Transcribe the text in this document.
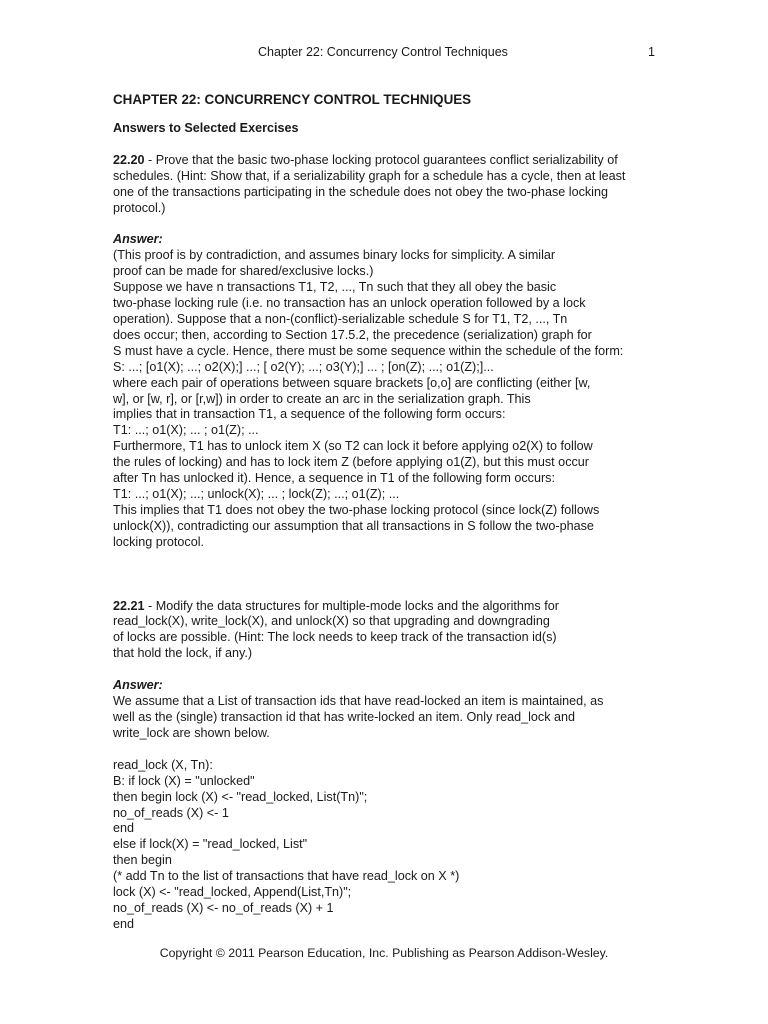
Chapter 22: Concurrency Control Techniques	1
CHAPTER 22: CONCURRENCY CONTROL TECHNIQUES
Answers to Selected Exercises
22.20 - Prove that the basic two-phase locking protocol guarantees conflict serializability of
schedules. (Hint: Show that, if a serializability graph for a schedule has a cycle, then at least
one of the transactions participating in the schedule does not obey the two-phase locking
protocol.)
Answer:
(This proof is by contradiction, and assumes binary locks for simplicity. A similar
proof can be made for shared/exclusive locks.)
Suppose we have n transactions T1, T2, ..., Tn such that they all obey the basic
two-phase locking rule (i.e. no transaction has an unlock operation followed by a lock
operation). Suppose that a non-(conflict)-serializable schedule S for T1, T2, ..., Tn
does occur; then, according to Section 17.5.2, the precedence (serialization) graph for
S must have a cycle. Hence, there must be some sequence within the schedule of the form:
S: ...; [o1(X); ...; o2(X);] ...; [ o2(Y); ...; o3(Y);] ... ; [on(Z); ...; o1(Z);]...
where each pair of operations between square brackets [o,o] are conflicting (either [w,
w], or [w, r], or [r,w]) in order to create an arc in the serialization graph. This
implies that in transaction T1, a sequence of the following form occurs:
T1: ...; o1(X); ... ; o1(Z); ...
Furthermore, T1 has to unlock item X (so T2 can lock it before applying o2(X) to follow
the rules of locking) and has to lock item Z (before applying o1(Z), but this must occur
after Tn has unlocked it). Hence, a sequence in T1 of the following form occurs:
T1: ...; o1(X); ...; unlock(X); ... ; lock(Z); ...; o1(Z); ...
This implies that T1 does not obey the two-phase locking protocol (since lock(Z) follows
unlock(X)), contradicting our assumption that all transactions in S follow the two-phase
locking protocol.
22.21 - Modify the data structures for multiple-mode locks and the algorithms for
read_lock(X), write_lock(X), and unlock(X) so that upgrading and downgrading
of locks are possible. (Hint: The lock needs to keep track of the transaction id(s)
that hold the lock, if any.)
Answer:
We assume that a List of transaction ids that have read-locked an item is maintained, as
well as the (single) transaction id that has write-locked an item. Only read_lock and
write_lock are shown below.
read_lock (X, Tn):
B: if lock (X) = "unlocked"
then begin lock (X) <- "read_locked, List(Tn)";
no_of_reads (X) <- 1
end
else if lock(X) = "read_locked, List"
then begin
(* add Tn to the list of transactions that have read_lock on X *)
lock (X) <- "read_locked, Append(List,Tn)";
no_of_reads (X) <- no_of_reads (X) + 1
end
Copyright © 2011 Pearson Education, Inc. Publishing as Pearson Addison-Wesley.
